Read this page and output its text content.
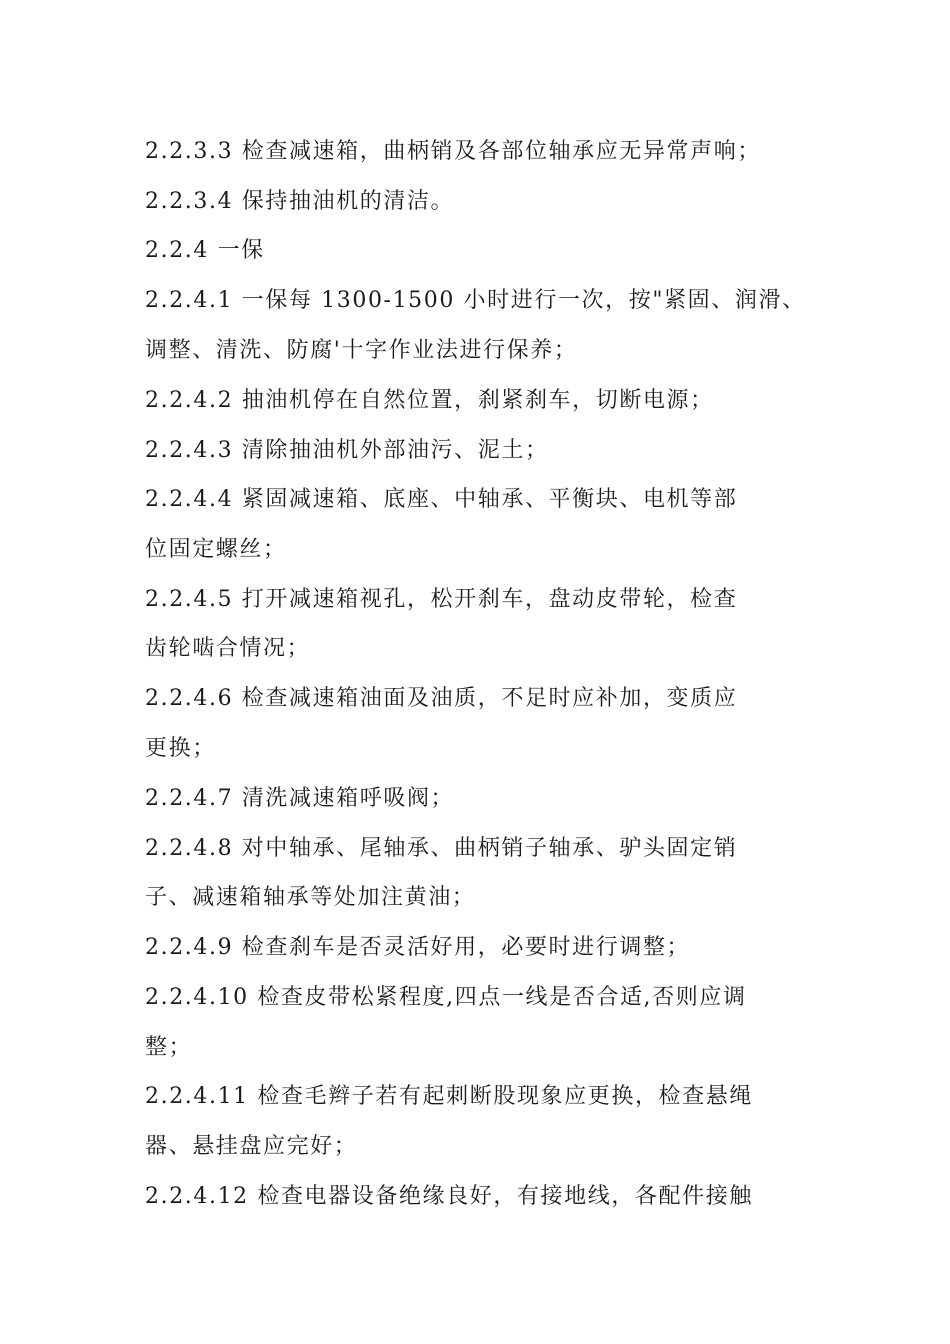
2.2.3.3 检查减速箱，曲柄销及各部位轴承应无异常声响；
2.2.3.4 保持抽油机的清洁。
2.2.4 一保
2.2.4.1 一保每 1300-1500 小时进行一次，按"紧固、润滑、
调整、清洗、防腐'十字作业法进行保养；
2.2.4.2 抽油机停在自然位置，刹紧刹车，切断电源；
2.2.4.3 清除抽油机外部油污、泥土；
2.2.4.4 紧固减速箱、底座、中轴承、平衡块、电机等部
位固定螺丝；
2.2.4.5 打开减速箱视孔，松开刹车，盘动皮带轮，检查
齿轮啮合情况；
2.2.4.6 检查减速箱油面及油质，不足时应补加，变质应
更换；
2.2.4.7 清洗减速箱呼吸阀；
2.2.4.8 对中轴承、尾轴承、曲柄销子轴承、驴头固定销
子、减速箱轴承等处加注黄油；
2.2.4.9 检查刹车是否灵活好用，必要时进行调整；
2.2.4.10 检查皮带松紧程度,四点一线是否合适,否则应调
整；
2.2.4.11 检查毛辫子若有起刺断股现象应更换，检查悬绳
器、悬挂盘应完好；
2.2.4.12 检查电器设备绝缘良好，有接地线，各配件接触
